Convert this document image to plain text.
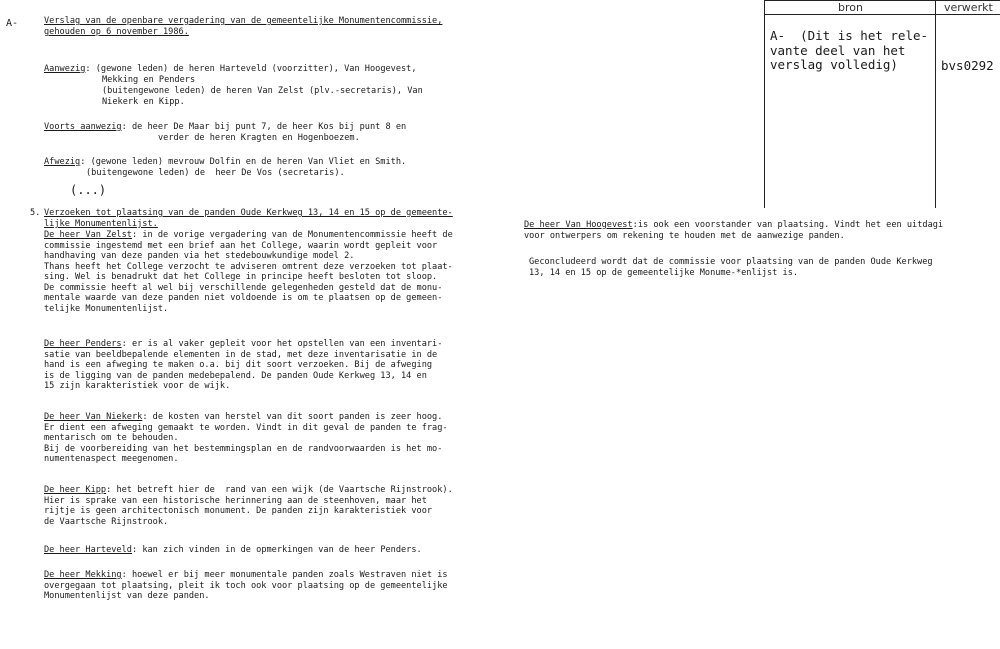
bron	verwerkt
A-  (Dit is het rele-
vante deel van het
verslag volledig)	bvs0292
A-	Verslag van de openbare vergadering van de gemeentelijke Monumentencommissie,
gehouden op 6 november 1986.
Aanwezig: (gewone leden) de heren Harteveld (voorzitter), Van Hoogevest,
Mekking en Penders
(buitengewone leden) de heren Van Zelst (plv.-secretaris), Van
Niekerk en Kipp.
Voorts aanwezig: de heer De Maar bij punt 7, de heer Kos bij punt 8 en
verder de heren Kragten en Hogenboezem.
Afwezig: (gewone leden) mevrouw Dolfin en de heren Van Vliet en Smith.
(buitengewone leden) de  heer De Vos (secretaris).
(...)
5. Verzoeken tot plaatsing van de panden Oude Kerkweg 13, 14 en 15 op de gemeente-
lijke Monumentenlijst.
De heer Van Zelst: in de vorige vergadering van de Monumentencommissie heeft de
commissie ingestemd met een brief aan het College, waarin wordt gepleit voor
handhaving van deze panden via het stedebouwkundige model 2.
Thans heeft het College verzocht te adviseren omtrent deze verzoeken tot plaat-
sing. Wel is benadrukt dat het College in principe heeft besloten tot sloop.
De commissie heeft al wel bij verschillende gelegenheden gesteld dat de monu-
mentale waarde van deze panden niet voldoende is om te plaatsen op de gemeen-
telijke Monumentenlijst.
De heer Penders: er is al vaker gepleit voor het opstellen van een inventari-
satie van beeldbepalende elementen in de stad, met deze inventarisatie in de
hand is een afweging te maken o.a. bij dit soort verzoeken. Bij de afweging
is de ligging van de panden medebepalend. De panden Oude Kerkweg 13, 14 en
15 zijn karakteristiek voor de wijk.
De heer Van Niekerk: de kosten van herstel van dit soort panden is zeer hoog.
Er dient een afweging gemaakt te worden. Vindt in dit geval de panden te frag-
mentarisch om te behouden.
Bij de voorbereiding van het bestemmingsplan en de randvoorwaarden is het mo-
numentenaspect meegenomen.
De heer Kipp: het betreft hier de  rand van een wijk (de Vaartsche Rijnstrook).
Hier is sprake van een historische herinnering aan de steenhoven, maar het
rijtje is geen architectonisch monument. De panden zijn karakteristiek voor
de Vaartsche Rijnstrook.
De heer Harteveld: kan zich vinden in de opmerkingen van de heer Penders.
De heer Mekking: hoewel er bij meer monumentale panden zoals Westraven niet is
overgegaan tot plaatsing, pleit ik toch ook voor plaatsing op de gemeentelijke
Monumentenlijst van deze panden.
De heer Van Hoogevest:is ook een voorstander van plaatsing. Vindt het een uitdagi
voor ontwerpers om rekening te houden met de aanwezige panden.
Geconcludeerd wordt dat de commissie voor plaatsing van de panden Oude Kerkweg
13, 14 en 15 op de gemeentelijke Monume-*enlijst is.
